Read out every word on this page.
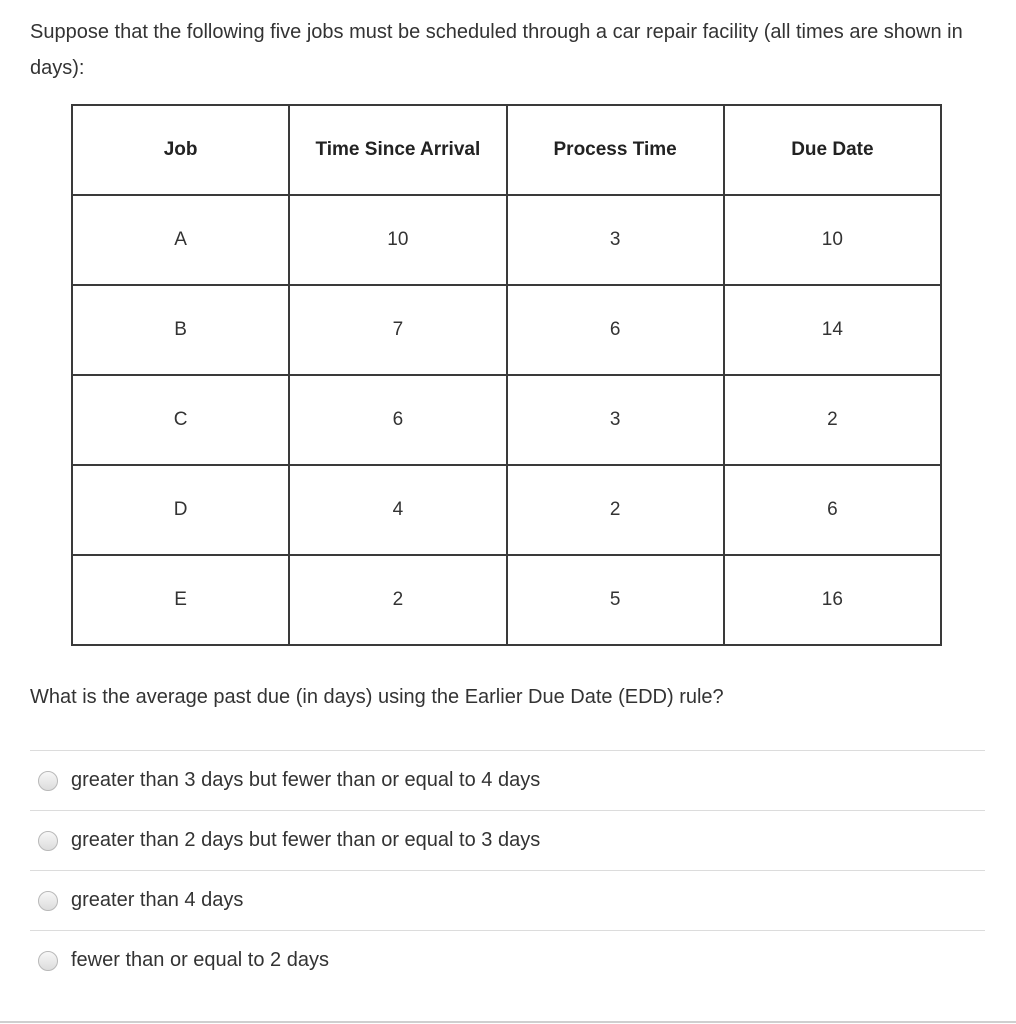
Suppose that the following five jobs must be scheduled through a car repair facility (all times are shown in days):

Job	Time Since Arrival	Process Time	Due Date
A	10	3	10
B	7	6	14
C	6	3	2
D	4	2	6
E	2	5	16

What is the average past due (in days) using the Earlier Due Date (EDD) rule?

greater than 3 days but fewer than or equal to 4 days
greater than 2 days but fewer than or equal to 3 days
greater than 4 days
fewer than or equal to 2 days
